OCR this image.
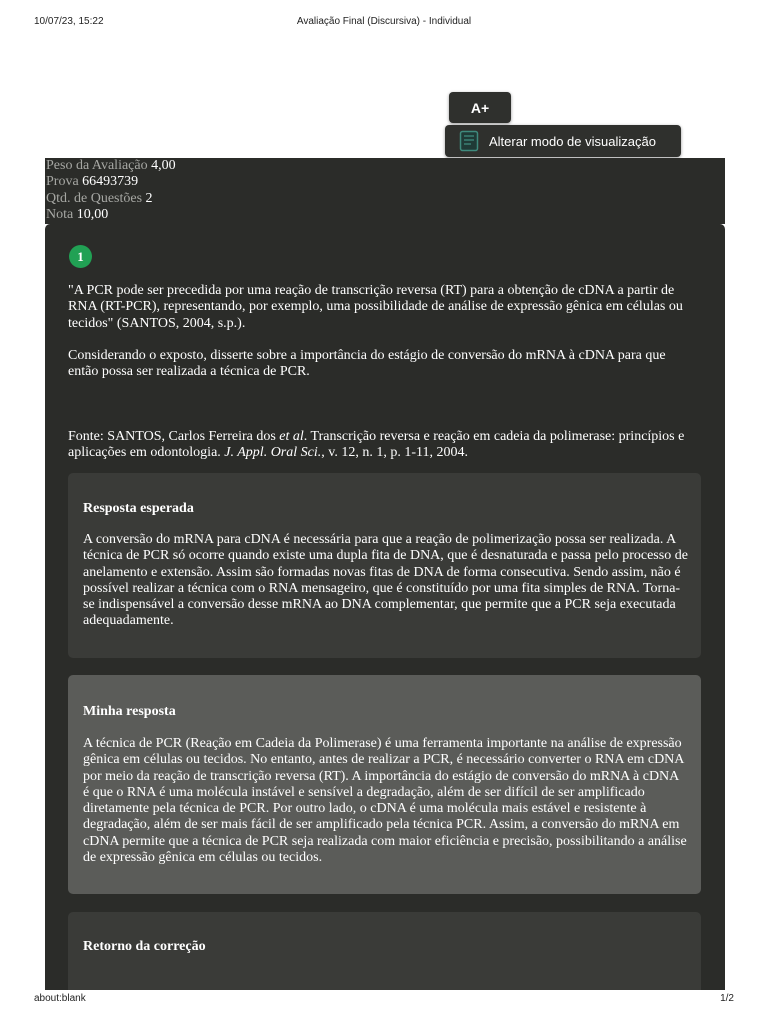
10/07/23, 15:22	Avaliação Final (Discursiva) - Individual
A+
Alterar modo de visualização
Peso da Avaliação 4,00
Prova 66493739
Qtd. de Questões 2
Nota 10,00
1

"A PCR pode ser precedida por uma reação de transcrição reversa (RT) para a obtenção de cDNA a partir de RNA (RT-PCR), representando, por exemplo, uma possibilidade de análise de expressão gênica em células ou tecidos" (SANTOS, 2004, s.p.).

Considerando o exposto, disserte sobre a importância do estágio de conversão do mRNA à cDNA para que então possa ser realizada a técnica de PCR.

Fonte: SANTOS, Carlos Ferreira dos et al. Transcrição reversa e reação em cadeia da polimerase: princípios e aplicações em odontologia. J. Appl. Oral Sci., v. 12, n. 1, p. 1-11, 2004.

Resposta esperada
A conversão do mRNA para cDNA é necessária para que a reação de polimerização possa ser realizada. A técnica de PCR só ocorre quando existe uma dupla fita de DNA, que é desnaturada e passa pelo processo de anelamento e extensão. Assim são formadas novas fitas de DNA de forma consecutiva. Sendo assim, não é possível realizar a técnica com o RNA mensageiro, que é constituído por uma fita simples de RNA. Torna-se indispensável a conversão desse mRNA ao DNA complementar, que permite que a PCR seja executada adequadamente.
Minha resposta
A técnica de PCR (Reação em Cadeia da Polimerase) é uma ferramenta importante na análise de expressão gênica em células ou tecidos. No entanto, antes de realizar a PCR, é necessário converter o RNA em cDNA por meio da reação de transcrição reversa (RT). A importância do estágio de conversão do mRNA à cDNA é que o RNA é uma molécula instável e sensível a degradação, além de ser difícil de ser amplificado diretamente pela técnica de PCR. Por outro lado, o cDNA é uma molécula mais estável e resistente à degradação, além de ser mais fácil de ser amplificado pela técnica PCR. Assim, a conversão do mRNA em cDNA permite que a técnica de PCR seja realizada com maior eficiência e precisão, possibilitando a análise de expressão gênica em células ou tecidos.
Retorno da correção
about:blank	1/2
